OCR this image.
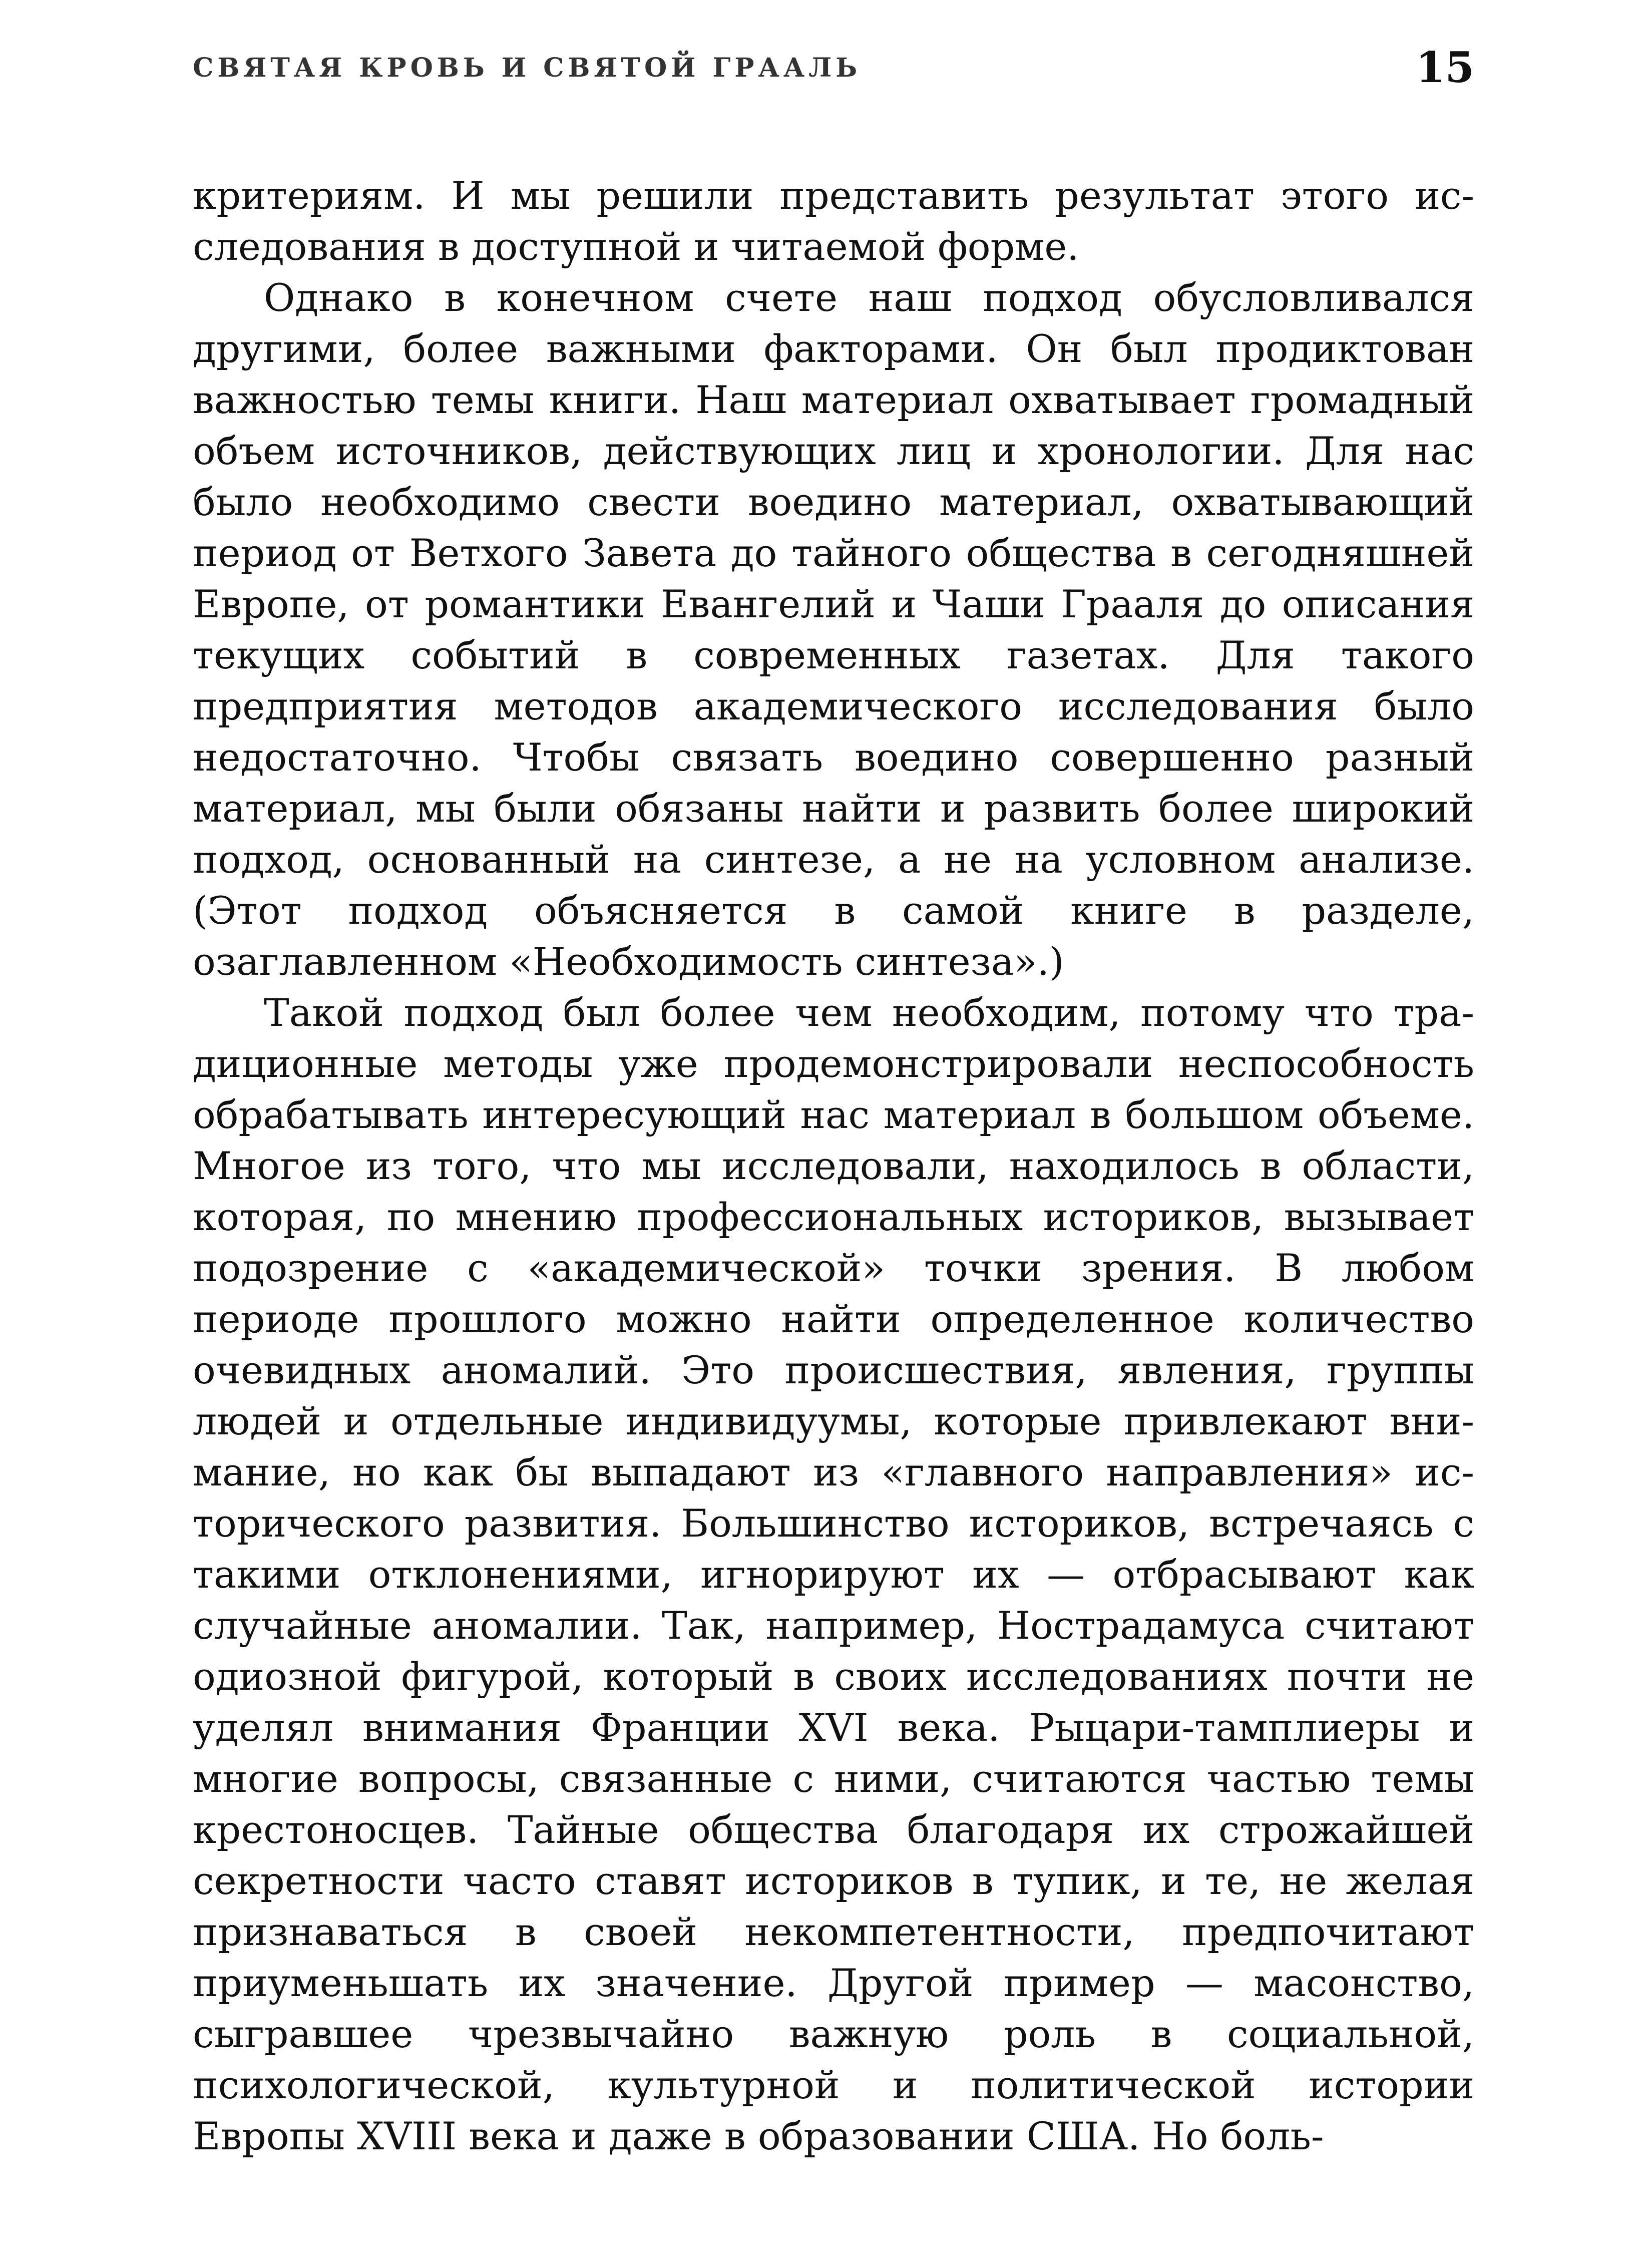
СВЯТАЯ КРОВЬ И СВЯТОЙ ГРААЛЬ	15

критериям. И мы решили представить результат этого исследования в доступной и читаемой форме.

Однако в конечном счете наш подход обусловливался другими, более важными факторами. Он был продиктован важностью темы книги. Наш материал охватывает громадный объем источников, действующих лиц и хронологии. Для нас было необходимо свести воедино материал, охватывающий период от Ветхого Завета до тайного общества в сегодняшней Европе, от романтики Евангелий и Чаши Грааля до описания текущих событий в современных газетах. Для такого предприятия методов академического исследования было недостаточно. Чтобы связать воедино совершенно разный материал, мы были обязаны найти и развить более широкий подход, основанный на синтезе, а не на условном анализе. (Этот подход объясняется в самой книге в разделе, озаглавленном «Необходимость синтеза».)

Такой подход был более чем необходим, потому что традиционные методы уже продемонстрировали неспособность обрабатывать интересующий нас материал в большом объеме. Многое из того, что мы исследовали, находилось в области, которая, по мнению профессиональных историков, вызывает подозрение с «академической» точки зрения. В любом периоде прошлого можно найти определенное количество очевидных аномалий. Это происшествия, явления, группы людей и отдельные индивидуумы, которые привлекают внимание, но как бы выпадают из «главного направления» исторического развития. Большинство историков, встречаясь с такими отклонениями, игнорируют их — отбрасывают как случайные аномалии. Так, например, Нострадамуса считают одиозной фигурой, который в своих исследованиях почти не уделял внимания Франции XVI века. Рыцари-тамплиеры и многие вопросы, связанные с ними, считаются частью темы крестоносцев. Тайные общества благодаря их строжайшей секретности часто ставят историков в тупик, и те, не желая признаваться в своей некомпетентности, предпочитают приуменьшать их значение. Другой пример — масонство, сыгравшее чрезвычайно важную роль в социальной, психологической, культурной и политической истории Европы XVIII века и даже в образовании США. Но боль-
